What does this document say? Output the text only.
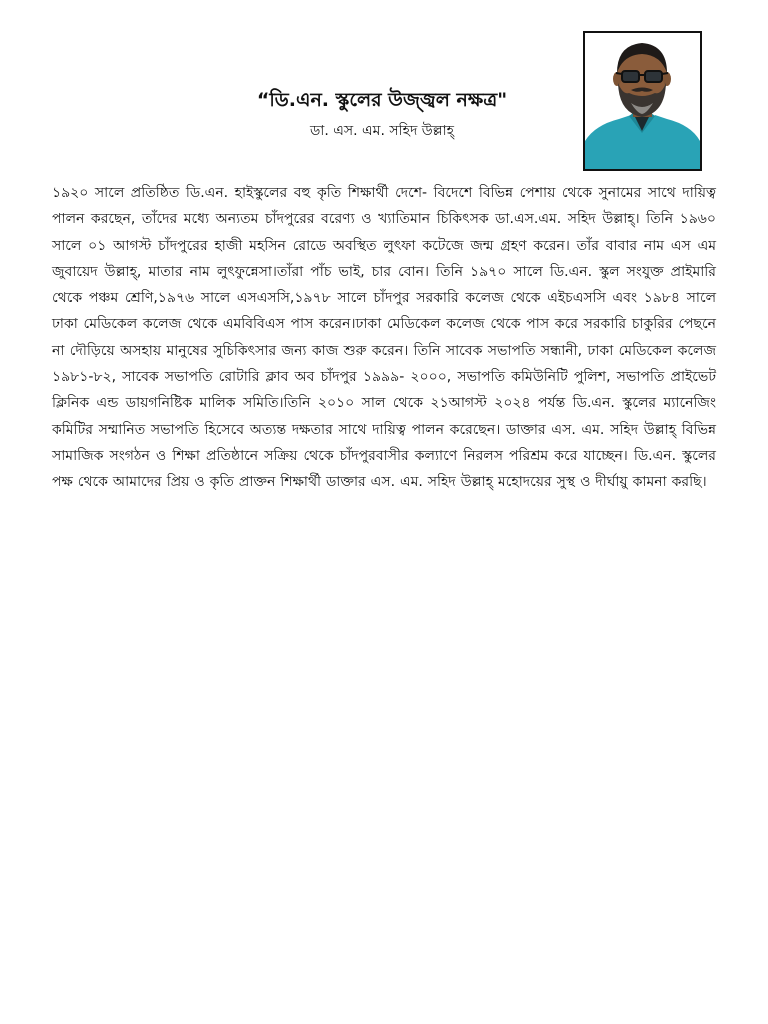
“ডি.এন. স্কুলের উজ্জ্বল নক্ষত্র"
ডা. এস. এম. সহিদ উল্লাহ্

১৯২০ সালে প্রতিষ্ঠিত ডি.এন. হাইস্কুলের বহু কৃতি শিক্ষার্থী দেশে- বিদেশে বিভিন্ন পেশায় থেকে সুনামের সাথে দায়িত্ব পালন করছেন, তাঁদের মধ্যে অন্যতম চাঁদপুরের বরেণ্য ও খ্যাতিমান চিকিৎসক ডা.এস.এম. সহিদ উল্লাহ্। তিনি ১৯৬০ সালে ০১ আগস্ট চাঁদপুরের হাজী মহসিন রোডে অবস্থিত লুৎফা কটেজে জন্ম গ্রহণ করেন। তাঁর বাবার নাম এস এম জুবায়েদ উল্লাহ্, মাতার নাম লুৎফুন্নেসা।তাঁরা পাঁচ ভাই, চার বোন। তিনি ১৯৭০ সালে ডি.এন. স্কুল সংযুক্ত প্রাইমারি থেকে পঞ্চম শ্রেণি,১৯৭৬ সালে এসএসসি,১৯৭৮ সালে চাঁদপুর সরকারি কলেজ থেকে এইচএসসি এবং ১৯৮৪ সালে ঢাকা মেডিকেল কলেজ থেকে এমবিবিএস পাস করেন।ঢাকা মেডিকেল কলেজ থেকে পাস করে সরকারি চাকুরির পেছনে না দৌড়িয়ে অসহায় মানুষের সুচিকিৎসার জন্য কাজ শুরু করেন। তিনি সাবেক সভাপতি সন্ধানী, ঢাকা মেডিকেল কলেজ ১৯৮১-৮২, সাবেক সভাপতি রোটারি ক্লাব অব চাঁদপুর ১৯৯৯- ২০০০, সভাপতি কমিউনিটি পুলিশ, সভাপতি প্রাইভেট ক্লিনিক এন্ড ডায়গনিষ্টিক মালিক সমিতি।তিনি ২০১০ সাল থেকে ২১আগস্ট ২০২৪ পর্যন্ত ডি.এন. স্কুলের ম্যানেজিং কমিটির সম্মানিত সভাপতি হিসেবে অত্যন্ত দক্ষতার সাথে দায়িত্ব পালন করেছেন। ডাক্তার এস. এম. সহিদ উল্লাহ্ বিভিন্ন সামাজিক সংগঠন ও শিক্ষা প্রতিষ্ঠানে সক্রিয় থেকে চাঁদপুরবাসীর কল্যাণে নিরলস পরিশ্রম করে যাচ্ছেন। ডি.এন. স্কুলের পক্ষ থেকে আমাদের প্রিয় ও কৃতি প্রাক্তন শিক্ষার্থী ডাক্তার এস. এম. সহিদ উল্লাহ্ মহোদয়ের সুস্থ ও দীর্ঘায়ু কামনা করছি।
